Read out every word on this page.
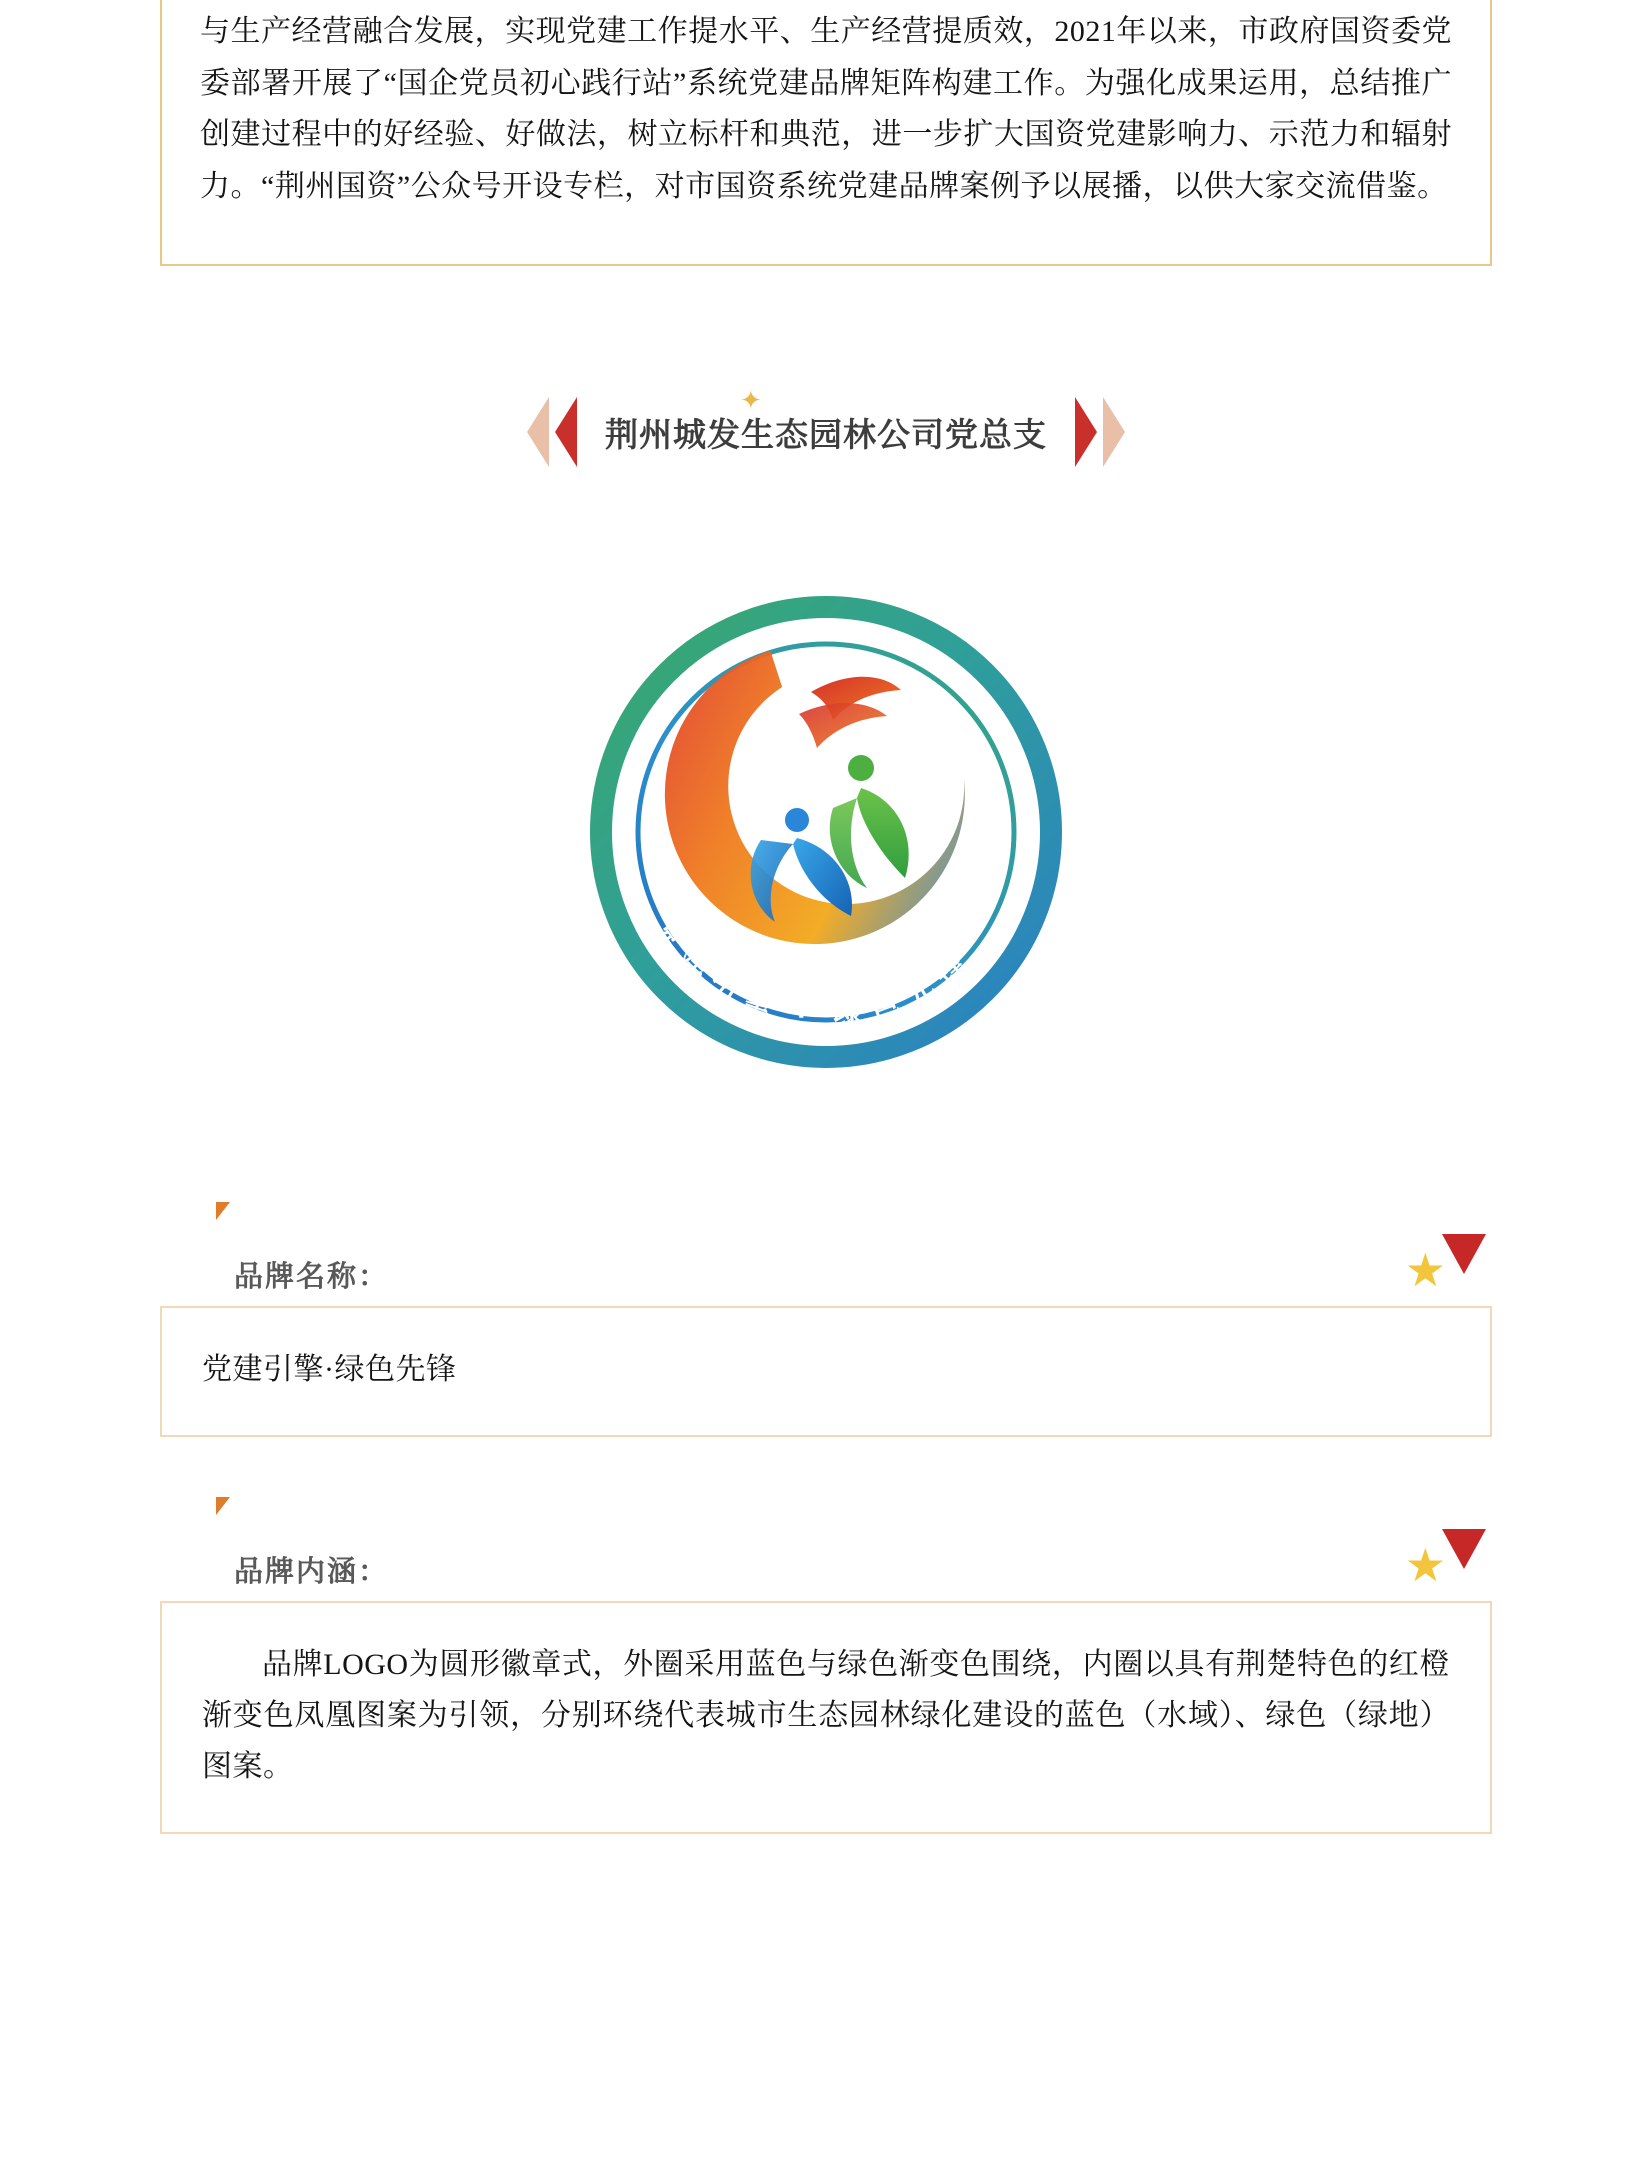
与生产经营融合发展，实现党建工作提水平、生产经营提质效，2021年以来，市政府国资委党委部署开展了“国企党员初心践行站”系统党建品牌矩阵构建工作。为强化成果运用，总结推广创建过程中的好经验、好做法，树立标杆和典范，进一步扩大国资党建影响力、示范力和辐射力。“荆州国资”公众号开设专栏，对市国资系统党建品牌案例予以展播，以供大家交流借鉴。

✦
荆州城发生态园林公司党总支
党建引擎 · 绿色先锋
品牌名称：	★

党建引擎·绿色先锋

品牌内涵：	★

品牌LOGO为圆形徽章式，外圈采用蓝色与绿色渐变色围绕，内圈以具有荆楚特色的红橙渐变色凤凰图案为引领，分别环绕代表城市生态园林绿化建设的蓝色（水域）、绿色（绿地）图案。
